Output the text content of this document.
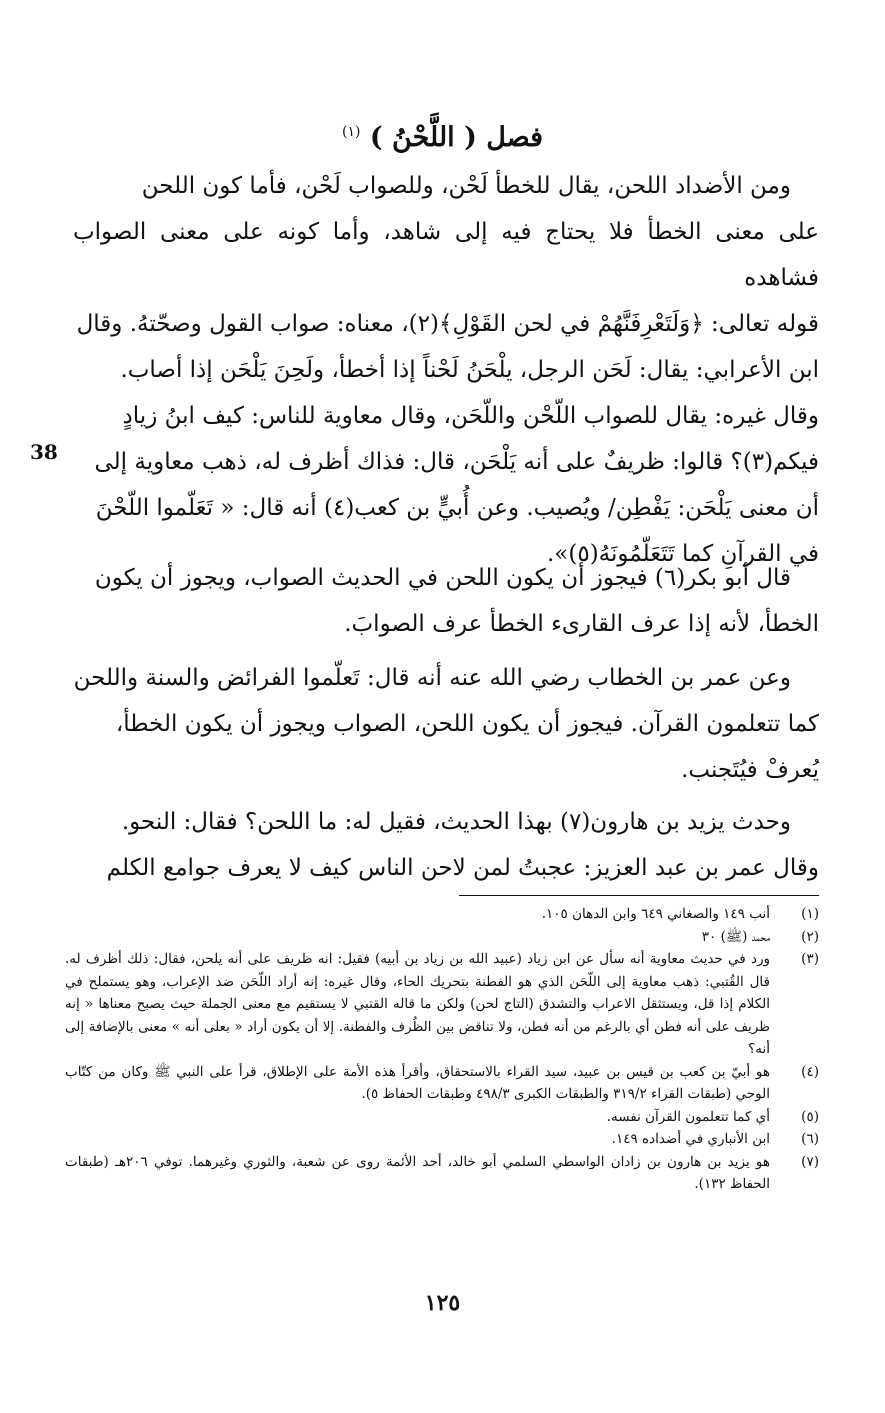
فصل ( اللَّحْنُ ) $^{(١)}$
38

ومن الأضداد اللحن، يقال للخطأ لَحْن، وللصواب لَحْن، فأما كون اللحن

على معنى الخطأ فلا يحتاج فيه إلى شاهد، وأما كونه على معنى الصواب فشاهده

قوله تعالى: ﴿وَلَتَعْرِفَنَّهُمْ في لحن القَوْلِ﴾(٢)، معناه: صواب القول وصحّتهُ. وقال

ابن الأعرابي: يقال: لَحَن الرجل، يلْحَنُ لَحْناً إذا أخطأ، ولَحِنَ يَلْحَن إذا أصاب.

وقال غيره: يقال للصواب اللّحْن واللّحَن، وقال معاوية للناس: كيف ابنُ زيادٍ

فيكم(٣)؟ قالوا: ظريفٌ على أنه يَلْحَن، قال: فذاك أظرف له، ذهب معاوية إلى

أن معنى يَلْحَن: يَفْطِن/ ويُصيب. وعن أُبيٍّ بن كعب(٤) أنه قال: « تَعَلّموا اللّحْنَ

في القرآنِ كما تَتَعَلّمُونَهُ(٥)».

قال أبو بكر(٦) فيجوز أن يكون اللحن في الحديث الصواب، ويجوز أن يكون

الخطأ، لأنه إذا عرف القارىء الخطأ عرف الصوابَ.

وعن عمر بن الخطاب رضي الله عنه أنه قال: تَعلّموا الفرائض والسنة واللحن

كما تتعلمون القرآن. فيجوز أن يكون اللحن، الصواب ويجوز أن يكون الخطأ،

يُعرفْ فيُتَجنب.

وحدث يزيد بن هارون(٧) بهذا الحديث، فقيل له: ما اللحن؟ فقال: النحو.

وقال عمر بن عبد العزيز: عجبتُ لمن لاحن الناس كيف لا يعرف جوامع الكلم

(١)
أنب ١٤٩ والصغاني ٦٤٩ وابن الدهان ١٠٥.
(٢)
محمد (ﷺ) ٣٠
(٣)
ورد في حديث معاوية أنه سأل عن ابن زياد (عبيد الله بن زياد بن أبيه) فقيل: انه ظريف على أنه يلحن، فقال: ذلك أظرف له. قال القُتبي: ذهب معاوية إلى اللّحَن الذي هو الفطنة بتحريك الحاء، وقال غيره: إنه أراد اللّحَن ضد الإعراب، وهو يستملح في الكلام إذا قل، ويستثقل الاعراب والتشدق (التاج لحن) ولكن ما قاله القتبي لا يستقيم مع معنى الجملة حيث يصبح معناها « إنه ظريف على أنه فطن أي بالرغم من أنه فطن، ولا تناقض بين الظُرف والفطنة. إلا أن يكون أراد « بعلى أنه » معنى بالإضافة إلى أنه؟
(٤)
هو أبيّ بن كعب بن قيس بن عبيد، سيد القراء بالاستحقاق، وأقرأ هذه الأمة على الإطلاق، قرأ على النبي ﷺ وكان من كتّاب الوحي (طبقات القراء ٣١٩/٢ والطبقات الكبرى ٤٩٨/٣ وطبقات الحفاظ ٥).
(٥)
أي كما تتعلمون القرآن نفسه.
(٦)
ابن الأنباري في أضداده ١٤٩.
(٧)
هو يزيد بن هارون بن زادان الواسطي السلمي أبو خالد، أحد الأئمة روى عن شعبة، والثوري وغيرهما. توفي ٢٠٦هـ (طبقات الحفاظ ١٣٢).
١٢٥
